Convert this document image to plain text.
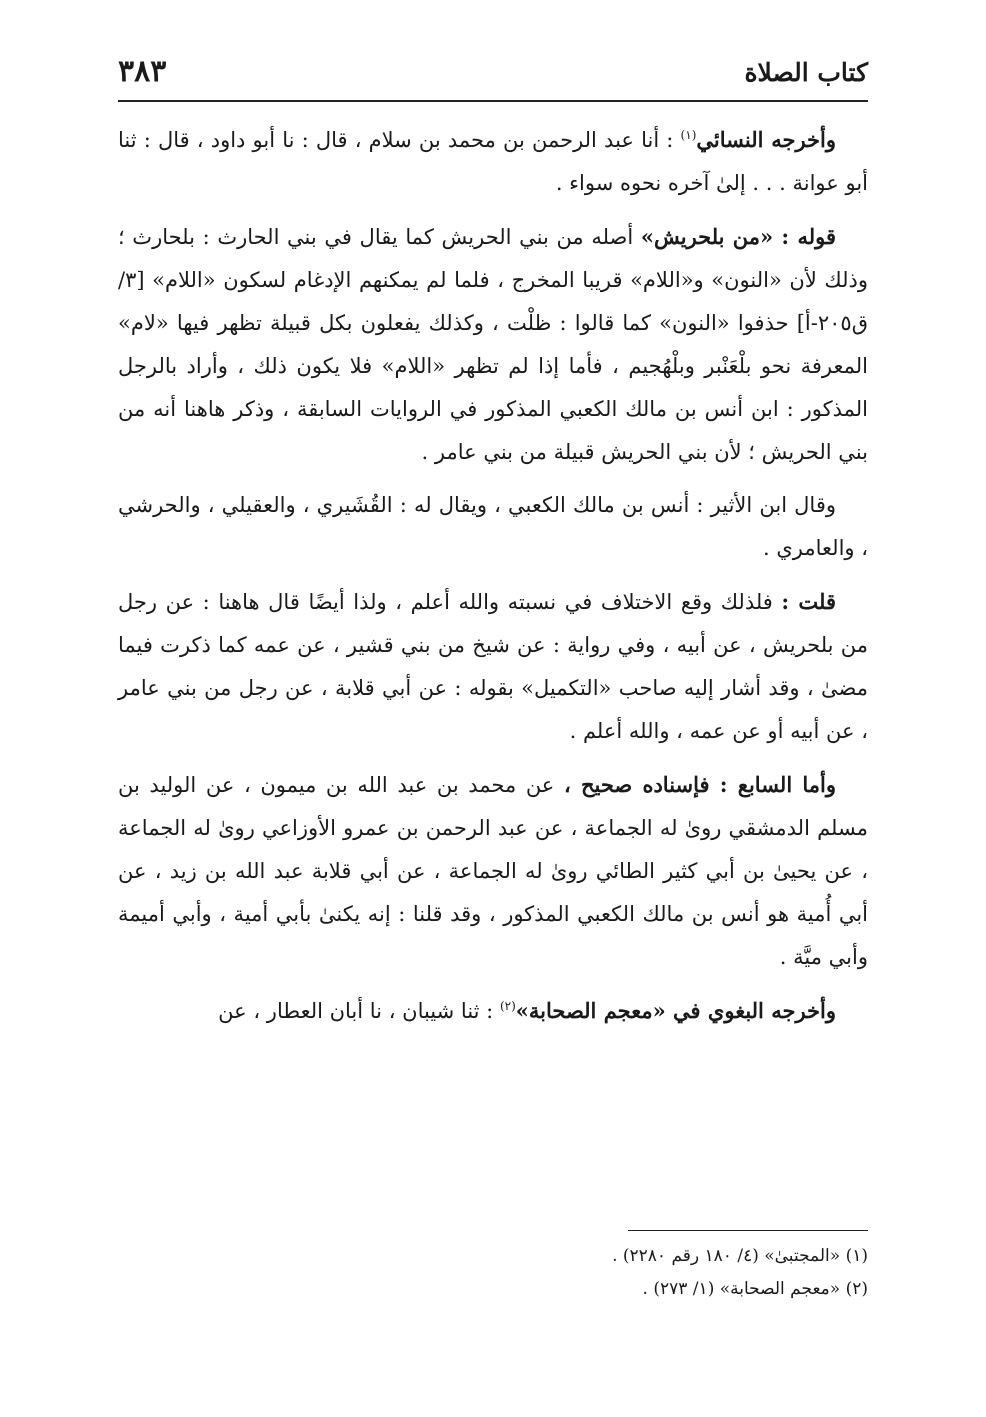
كتاب الصلاة
٣٨٣

وأخرجه النسائي$^{(١)}$ : أنا عبد الرحمن بن محمد بن سلام ، قال : نا أبو داود ، قال : ثنا أبو عوانة . . . إلىٰ آخره نحوه سواء .

قوله : «من بلحريش» أصله من بني الحريش كما يقال في بني الحارث : بلحارث ؛ وذلك لأن «النون» و«اللام» قريبا المخرج ، فلما لم يمكنهم الإدغام لسكون «اللام» [٣/ ق٢٠٥-أ] حذفوا «النون» كما قالوا : ظلْت ، وكذلك يفعلون بكل قبيلة تظهر فيها «لام» المعرفة نحو بلْعَنْبر وبلْهُجيم ، فأما إذا لم تظهر «اللام» فلا يكون ذلك ، وأراد بالرجل المذكور : ابن أنس بن مالك الكعبي المذكور في الروايات السابقة ، وذكر هاهنا أنه من بني الحريش ؛ لأن بني الحريش قبيلة من بني عامر .

وقال ابن الأثير : أنس بن مالك الكعبي ، ويقال له : القُشَيري ، والعقيلي ، والحرشي ، والعامري .

قلت : فلذلك وقع الاختلاف في نسبته والله أعلم ، ولذا أيضًا قال هاهنا : عن رجل من بلحريش ، عن أبيه ، وفي رواية : عن شيخ من بني قشير ، عن عمه كما ذكرت فيما مضىٰ ، وقد أشار إليه صاحب «التكميل» بقوله : عن أبي قلابة ، عن رجل من بني عامر ، عن أبيه أو عن عمه ، والله أعلم .

وأما السابع : فإسناده صحيح ، عن محمد بن عبد الله بن ميمون ، عن الوليد بن مسلم الدمشقي روىٰ له الجماعة ، عن عبد الرحمن بن عمرو الأوزاعي روىٰ له الجماعة ، عن يحيىٰ بن أبي كثير الطائي روىٰ له الجماعة ، عن أبي قلابة عبد الله بن زيد ، عن أبي أُمية هو أنس بن مالك الكعبي المذكور ، وقد قلنا : إنه يكنىٰ بأبي أمية ، وأبي أميمة وأبي ميَّة .

وأخرجه البغوي في «معجم الصحابة»$^{(٢)}$ : ثنا شيبان ، نا أبان العطار ، عن

(١) «المجتبىٰ» (٤/ ١٨٠ رقم ٢٢٨٠) .

(٢) «معجم الصحابة» (١/ ٢٧٣) .
